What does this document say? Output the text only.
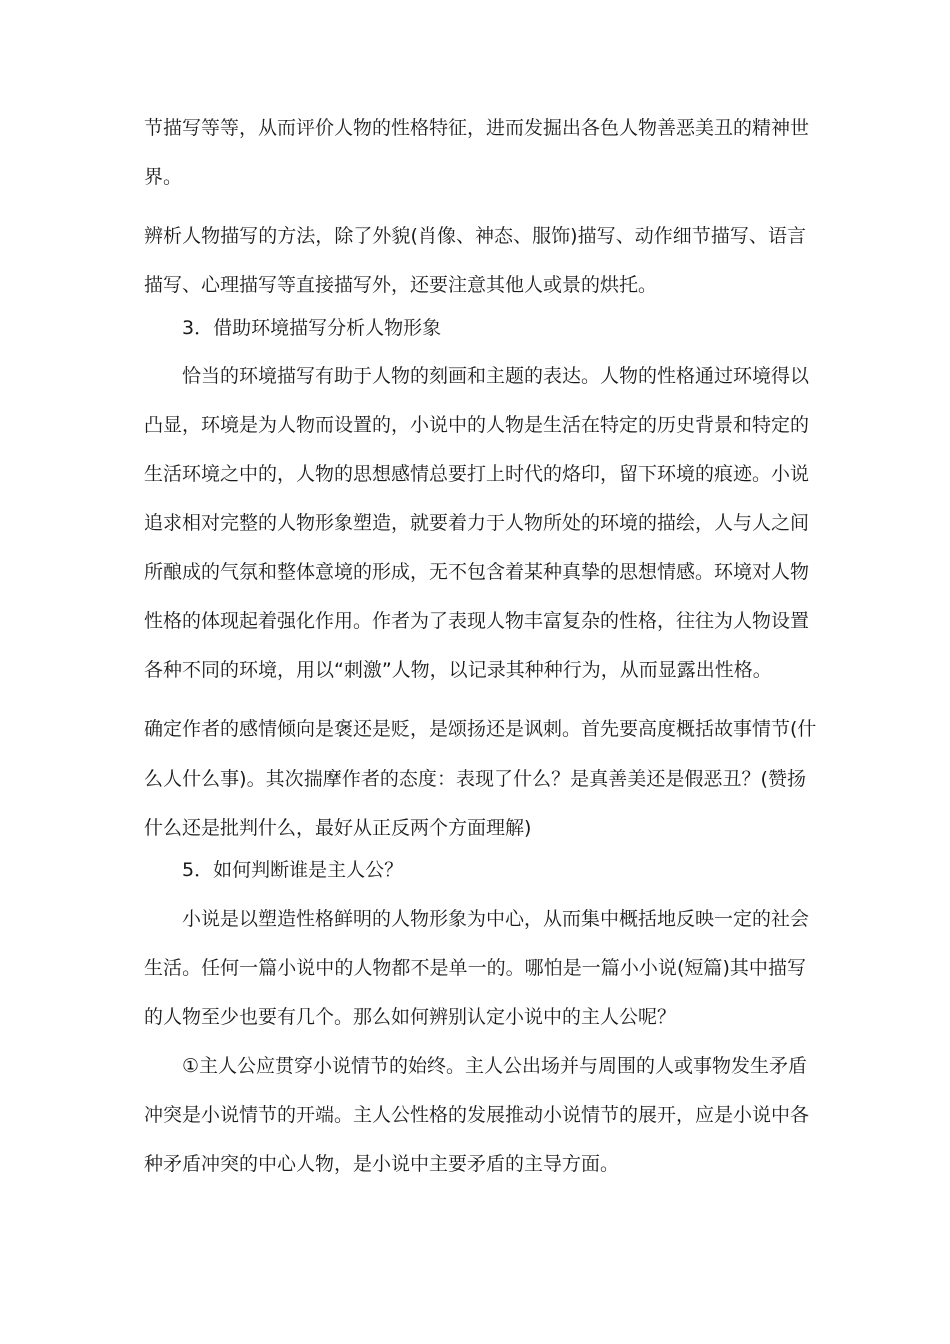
节描写等等，从而评价人物的性格特征，进而发掘出各色人物善恶美丑的精神世

界。

辨析人物描写的方法，除了外貌(肖像、神态、服饰)描写、动作细节描写、语言

描写、心理描写等直接描写外，还要注意其他人或景的烘托。

3．借助环境描写分析人物形象

恰当的环境描写有助于人物的刻画和主题的表达。人物的性格通过环境得以

凸显，环境是为人物而设置的，小说中的人物是生活在特定的历史背景和特定的

生活环境之中的，人物的思想感情总要打上时代的烙印，留下环境的痕迹。小说

追求相对完整的人物形象塑造，就要着力于人物所处的环境的描绘，人与人之间

所酿成的气氛和整体意境的形成，无不包含着某种真挚的思想情感。环境对人物

性格的体现起着强化作用。作者为了表现人物丰富复杂的性格，往往为人物设置

各种不同的环境，用以“刺激”人物，以记录其种种行为，从而显露出性格。

确定作者的感情倾向是褒还是贬，是颂扬还是讽刺。首先要高度概括故事情节(什

么人什么事)。其次揣摩作者的态度：表现了什么？是真善美还是假恶丑？(赞扬

什么还是批判什么，最好从正反两个方面理解)

5．如何判断谁是主人公？

小说是以塑造性格鲜明的人物形象为中心，从而集中概括地反映一定的社会

生活。任何一篇小说中的人物都不是单一的。哪怕是一篇小小说(短篇)其中描写

的人物至少也要有几个。那么如何辨别认定小说中的主人公呢？

①主人公应贯穿小说情节的始终。主人公出场并与周围的人或事物发生矛盾

冲突是小说情节的开端。主人公性格的发展推动小说情节的展开，应是小说中各

种矛盾冲突的中心人物，是小说中主要矛盾的主导方面。
